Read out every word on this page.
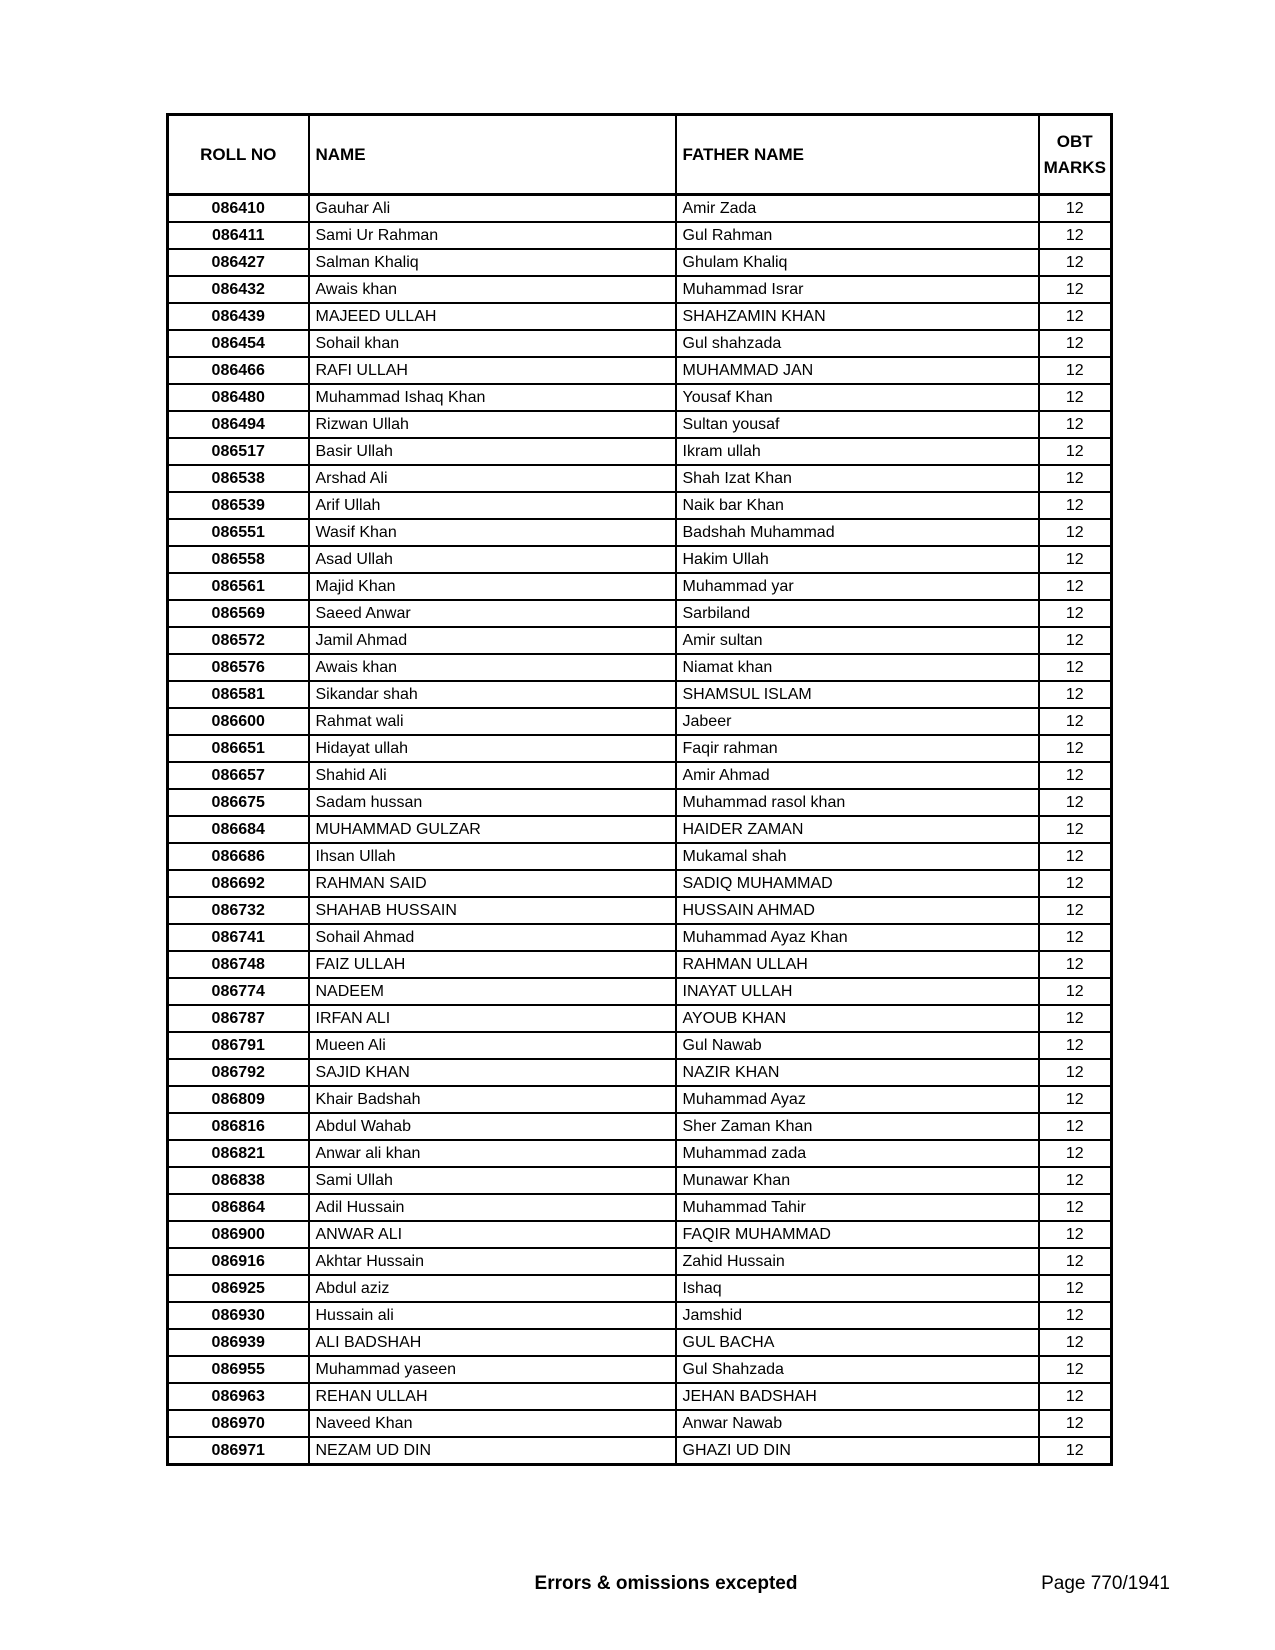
ROLL NO	NAME	FATHER NAME	OBT MARKS
086410	Gauhar Ali	Amir Zada	12
086411	Sami Ur Rahman	Gul Rahman	12
086427	Salman Khaliq	Ghulam Khaliq	12
086432	Awais khan	Muhammad Israr	12
086439	MAJEED ULLAH	SHAHZAMIN KHAN	12
086454	Sohail khan	Gul shahzada	12
086466	RAFI ULLAH	MUHAMMAD JAN	12
086480	Muhammad Ishaq Khan	Yousaf Khan	12
086494	Rizwan Ullah	Sultan yousaf	12
086517	Basir Ullah	Ikram ullah	12
086538	Arshad Ali	Shah Izat Khan	12
086539	Arif Ullah	Naik bar Khan	12
086551	Wasif Khan	Badshah Muhammad	12
086558	Asad Ullah	Hakim Ullah	12
086561	Majid Khan	Muhammad yar	12
086569	Saeed Anwar	Sarbiland	12
086572	Jamil Ahmad	Amir sultan	12
086576	Awais khan	Niamat khan	12
086581	Sikandar shah	SHAMSUL ISLAM	12
086600	Rahmat wali	Jabeer	12
086651	Hidayat ullah	Faqir rahman	12
086657	Shahid Ali	Amir Ahmad	12
086675	Sadam hussan	Muhammad rasol khan	12
086684	MUHAMMAD GULZAR	HAIDER ZAMAN	12
086686	Ihsan Ullah	Mukamal shah	12
086692	RAHMAN SAID	SADIQ MUHAMMAD	12
086732	SHAHAB HUSSAIN	HUSSAIN AHMAD	12
086741	Sohail Ahmad	Muhammad Ayaz Khan	12
086748	FAIZ ULLAH	RAHMAN ULLAH	12
086774	NADEEM	INAYAT ULLAH	12
086787	IRFAN ALI	AYOUB KHAN	12
086791	Mueen Ali	Gul Nawab	12
086792	SAJID KHAN	NAZIR KHAN	12
086809	Khair Badshah	Muhammad Ayaz	12
086816	Abdul Wahab	Sher Zaman Khan	12
086821	Anwar ali khan	Muhammad zada	12
086838	Sami Ullah	Munawar Khan	12
086864	Adil Hussain	Muhammad Tahir	12
086900	ANWAR ALI	FAQIR MUHAMMAD	12
086916	Akhtar Hussain	Zahid Hussain	12
086925	Abdul aziz	Ishaq	12
086930	Hussain ali	Jamshid	12
086939	ALI BADSHAH	GUL BACHA	12
086955	Muhammad yaseen	Gul Shahzada	12
086963	REHAN ULLAH	JEHAN BADSHAH	12
086970	Naveed Khan	Anwar Nawab	12
086971	NEZAM UD DIN	GHAZI UD DIN	12
Errors & omissions excepted	Page 770/1941
